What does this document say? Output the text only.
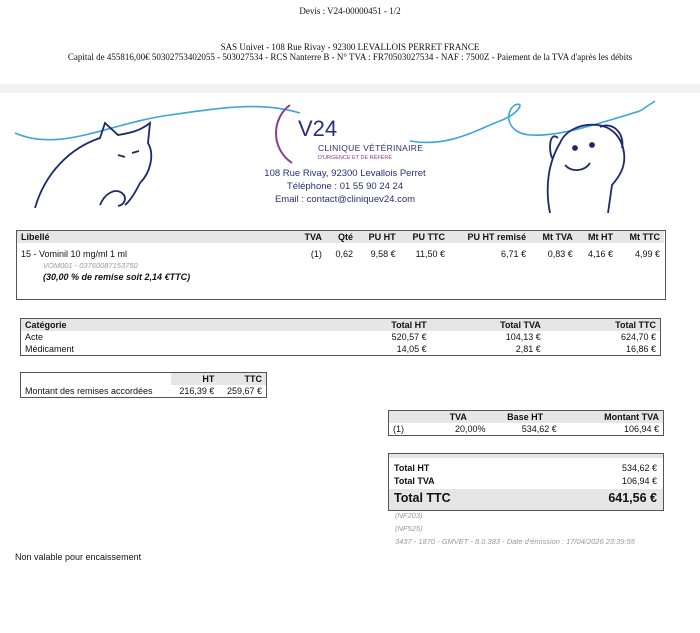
Devis : V24-00000451 - 1/2
SAS Univet - 108 Rue Rivay - 92300 LEVALLOIS PERRET FRANCE
Capital de 455816,00€ 50302753402055 - 503027534 - RCS Nanterre B - N° TVA : FR70503027534 - NAF : 7500Z - Paiement de la TVA d'après les débits
V24
CLINIQUE VÉTÉRINAIRE
D'URGENCE ET DE RÉFÉRÉ
108 Rue Rivay, 92300 Levallois Perret
Téléphone : 01 55 90 24 24
Email : contact@cliniquev24.com
Libellé	TVA	Qté	PU HT	PU TTC	PU HT remisé	Mt TVA	Mt HT	Mt TTC
15 - Vominil 10 mg/ml 1 ml	(1)	0,62	9,58 €	11,50 €	6,71 €	0,83 €	4,16 €	4,99 €
VOM001 - 03760087153750								
(30,00 % de remise soit 2,14 €TTC)								
Catégorie	Total HT	Total TVA	Total TTC
Acte	520,57 €	104,13 €	624,70 €
Médicament	14,05 €	2,81 €	16,86 €
	HT	TTC
Montant des remises accordées	216,39 €	259,67 €
	TVA	Base HT	Montant TVA
(1)	20,00%	534,62 €	106,94 €
Total HT	534,62 €
Total TVA	106,94 €
Total TTC	641,56 €
(NF203)
(NF525)
3437 - 1870 - GMVET - 8.0.383 - Date d'émission : 17/04/2026 23:39:55
Non valable pour encaissement
